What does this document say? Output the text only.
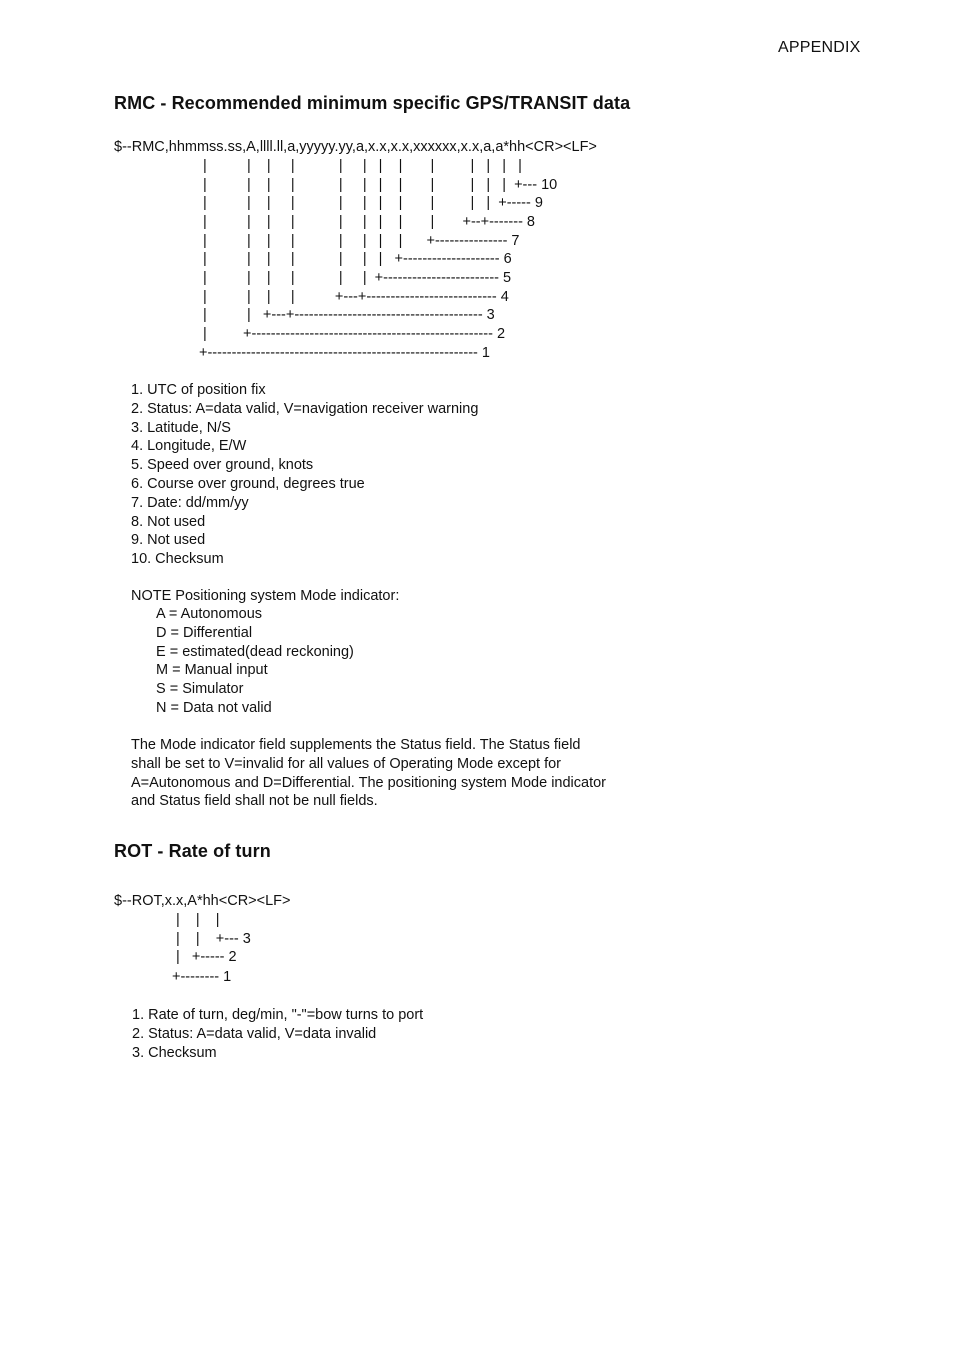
APPENDIX
RMC - Recommended minimum specific GPS/TRANSIT data
$--RMC,hhmmss.ss,A,llll.ll,a,yyyyy.yy,a,x.x,x.x,xxxxxx,x.x,a,a*hh<CR><LF>
|          |    |     |           |     |   |    |       |         |   |   |   |
|          |    |     |           |     |   |    |       |         |   |   |  +--- 10
|          |    |     |           |     |   |    |       |         |   |  +----- 9
|          |    |     |           |     |   |    |       |       +--+------- 8
|          |    |     |           |     |   |    |      +--------------- 7
|          |    |     |           |     |   |   +-------------------- 6
|          |    |     |           |     |  +------------------------ 5
|          |    |     |          +---+--------------------------- 4
|          |   +---+--------------------------------------- 3
|         +-------------------------------------------------- 2
+-------------------------------------------------------- 1
1. UTC of position fix
2. Status: A=data valid, V=navigation receiver warning
3. Latitude, N/S
4. Longitude, E/W
5. Speed over ground, knots
6. Course over ground, degrees true
7. Date: dd/mm/yy
8. Not used
9. Not used
10. Checksum
NOTE Positioning system Mode indicator:
A = Autonomous
D = Differential
E = estimated(dead reckoning)
M = Manual input
S = Simulator
N = Data not valid
The Mode indicator field supplements the Status field. The Status field
shall be set to V=invalid for all values of Operating Mode except for
A=Autonomous and D=Differential. The positioning system Mode indicator
and Status field shall not be null fields.
ROT - Rate of turn
$--ROT,x.x,A*hh<CR><LF>
|    |    |
|    |    +--- 3
|   +----- 2
+-------- 1
1. Rate of turn, deg/min, "-"=bow turns to port
2. Status: A=data valid, V=data invalid
3. Checksum
